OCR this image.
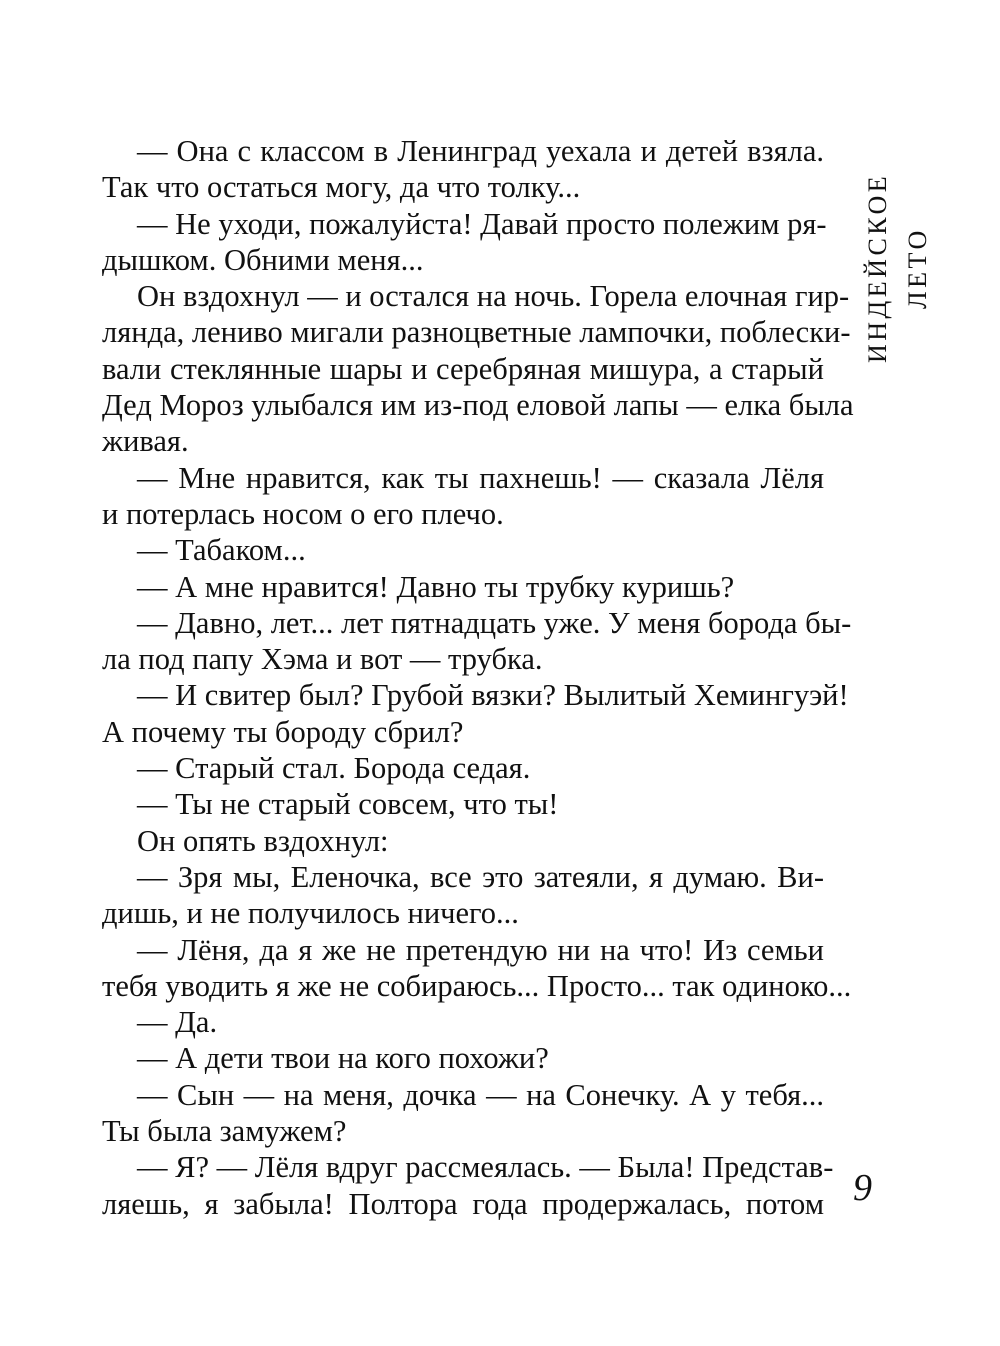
ИНДЕЙСКОЕ ЛЕТО
— Она с классом в Ленинград уехала и детей взяла.
Так что остаться могу, да что толку...
— Не уходи, пожалуйста! Давай просто полежим ря-
дышком. Обними меня...
Он вздохнул — и остался на ночь. Горела елочная гир-
лянда, лениво мигали разноцветные лампочки, поблески-
вали стеклянные шары и серебряная мишура, а старый
Дед Мороз улыбался им из-под еловой лапы — елка была
живая.
— Мне нравится, как ты пахнешь! — сказала Лёля
и потерлась носом о его плечо.
— Табаком...
— А мне нравится! Давно ты трубку куришь?
— Давно, лет... лет пятнадцать уже. У меня борода бы-
ла под папу Хэма и вот — трубка.
— И свитер был? Грубой вязки? Вылитый Хемингуэй!
А почему ты бороду сбрил?
— Старый стал. Борода седая.
— Ты не старый совсем, что ты!
Он опять вздохнул:
— Зря мы, Еленочка, все это затеяли, я думаю. Ви-
дишь, и не получилось ничего...
— Лёня, да я же не претендую ни на что! Из семьи
тебя уводить я же не собираюсь... Просто... так одиноко...
— Да.
— А дети твои на кого похожи?
— Сын — на меня, дочка — на Сонечку. А у тебя...
Ты была замужем?
— Я? — Лёля вдруг рассмеялась. — Была! Представ-
ляешь, я забыла! Полтора года продержалась, потом 9
